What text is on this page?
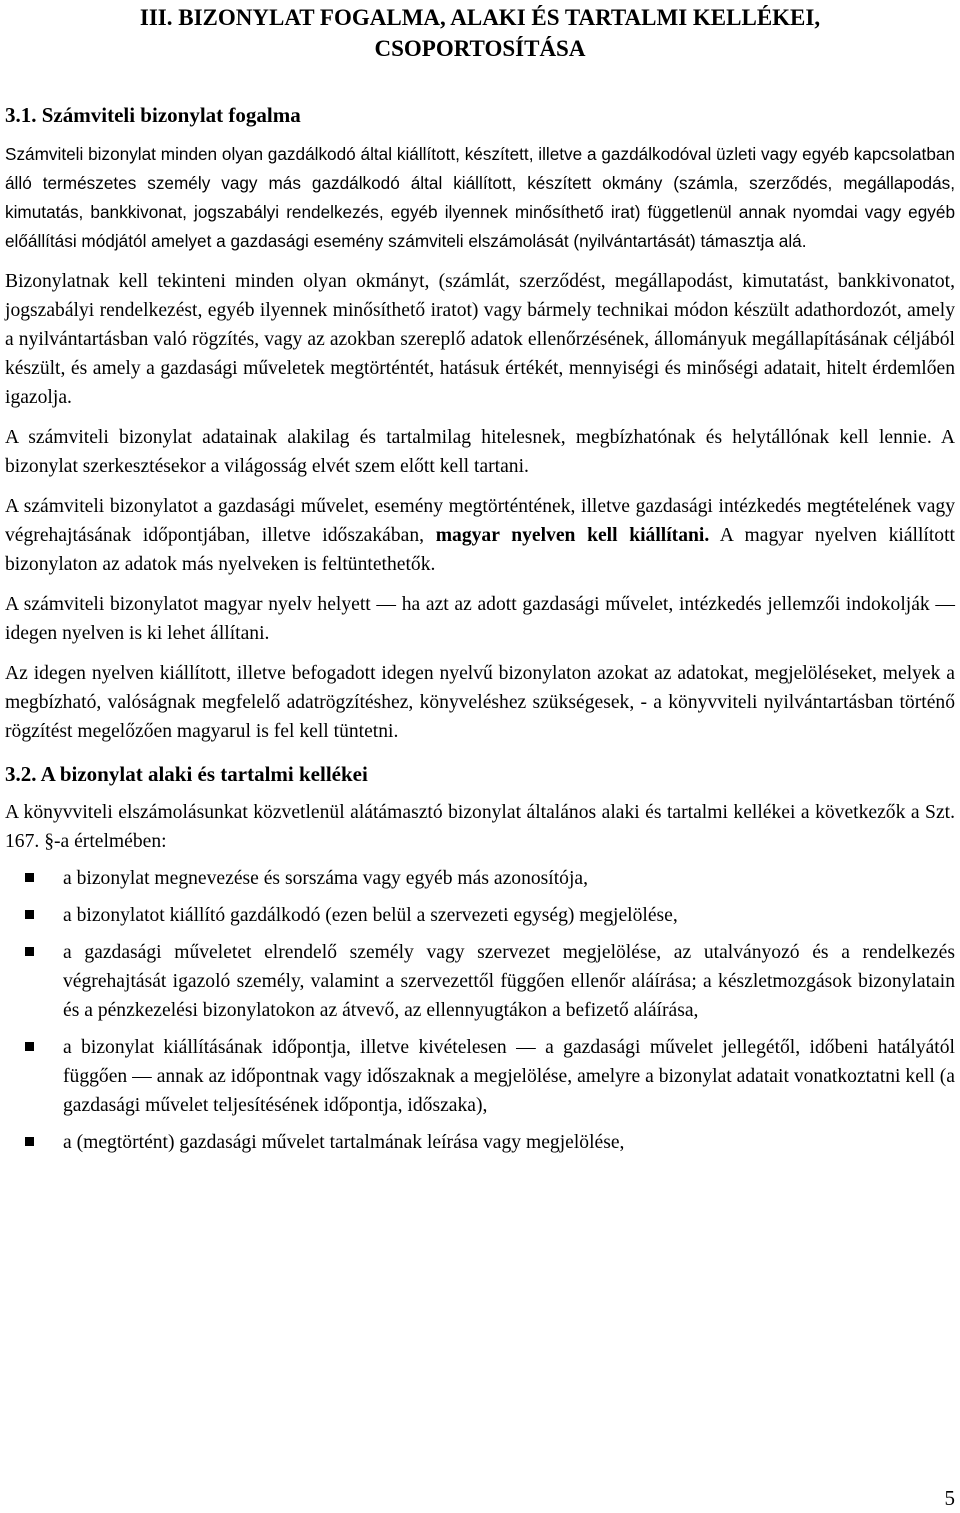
III. BIZONYLAT FOGALMA, ALAKI ÉS TARTALMI KELLÉKEI,
CSOPORTOSÍTÁSA
3.1. Számviteli bizonylat fogalma

Számviteli bizonylat minden olyan gazdálkodó által kiállított, készített, illetve a gazdálkodóval üzleti vagy egyéb kapcsolatban álló természetes személy vagy más gazdálkodó által kiállított, készített okmány (számla, szerződés, megállapodás, kimutatás, bankkivonat, jogszabályi rendelkezés, egyéb ilyennek minősíthető irat) függetlenül annak nyomdai vagy egyéb előállítási módjától amelyet a gazdasági esemény számviteli elszámolását (nyilvántartását) támasztja alá.

Bizonylatnak kell tekinteni minden olyan okmányt, (számlát, szerződést, megállapodást, kimutatást, bankkivonatot, jogszabályi rendelkezést, egyéb ilyennek minősíthető iratot) vagy bármely technikai módon készült adathordozót, amely a nyilvántartásban való rögzítés, vagy az azokban szereplő adatok ellenőrzésének, állományuk megállapításának céljából készült, és amely a gazdasági műveletek megtörténtét, hatásuk értékét, mennyiségi és minőségi adatait, hitelt érdemlően igazolja.

A számviteli bizonylat adatainak alakilag és tartalmilag hitelesnek, megbízhatónak és helytállónak kell lennie. A bizonylat szerkesztésekor a világosság elvét szem előtt kell tartani.

A számviteli bizonylatot a gazdasági művelet, esemény megtörténtének, illetve gazdasági intézkedés megtételének vagy végrehajtásának időpontjában, illetve időszakában, magyar nyelven kell kiállítani. A magyar nyelven kiállított bizonylaton az adatok más nyelveken is feltüntethetők.

A számviteli bizonylatot magyar nyelv helyett — ha azt az adott gazdasági művelet, intézkedés jellemzői indokolják — idegen nyelven is ki lehet állítani.

Az idegen nyelven kiállított, illetve befogadott idegen nyelvű bizonylaton azokat az adatokat, megjelöléseket, melyek a megbízható, valóságnak megfelelő adatrögzítéshez, könyveléshez szükségesek, - a könyvviteli nyilvántartásban történő rögzítést megelőzően magyarul is fel kell tüntetni.

3.2. A bizonylat alaki és tartalmi kellékei

A könyvviteli elszámolásunkat közvetlenül alátámasztó bizonylat általános alaki és tartalmi kellékei a következők a Szt. 167. §-a értelmében:

a bizonylat megnevezése és sorszáma vagy egyéb más azonosítója,
a bizonylatot kiállító gazdálkodó (ezen belül a szervezeti egység) megjelölése,
a gazdasági műveletet elrendelő személy vagy szervezet megjelölése, az utalványozó és a rendelkezés végrehajtását igazoló személy, valamint a szervezettől függően ellenőr aláírása; a készletmozgások bizonylatain és a pénzkezelési bizonylatokon az átvevő, az ellennyugtákon a befizető aláírása,
a bizonylat kiállításának időpontja, illetve kivételesen — a gazdasági művelet jellegétől, időbeni hatályától függően — annak az időpontnak vagy időszaknak a megjelölése, amelyre a bizonylat adatait vonatkoztatni kell (a gazdasági művelet teljesítésének időpontja, időszaka),
a (megtörtént) gazdasági művelet tartalmának leírása vagy megjelölése,
5
